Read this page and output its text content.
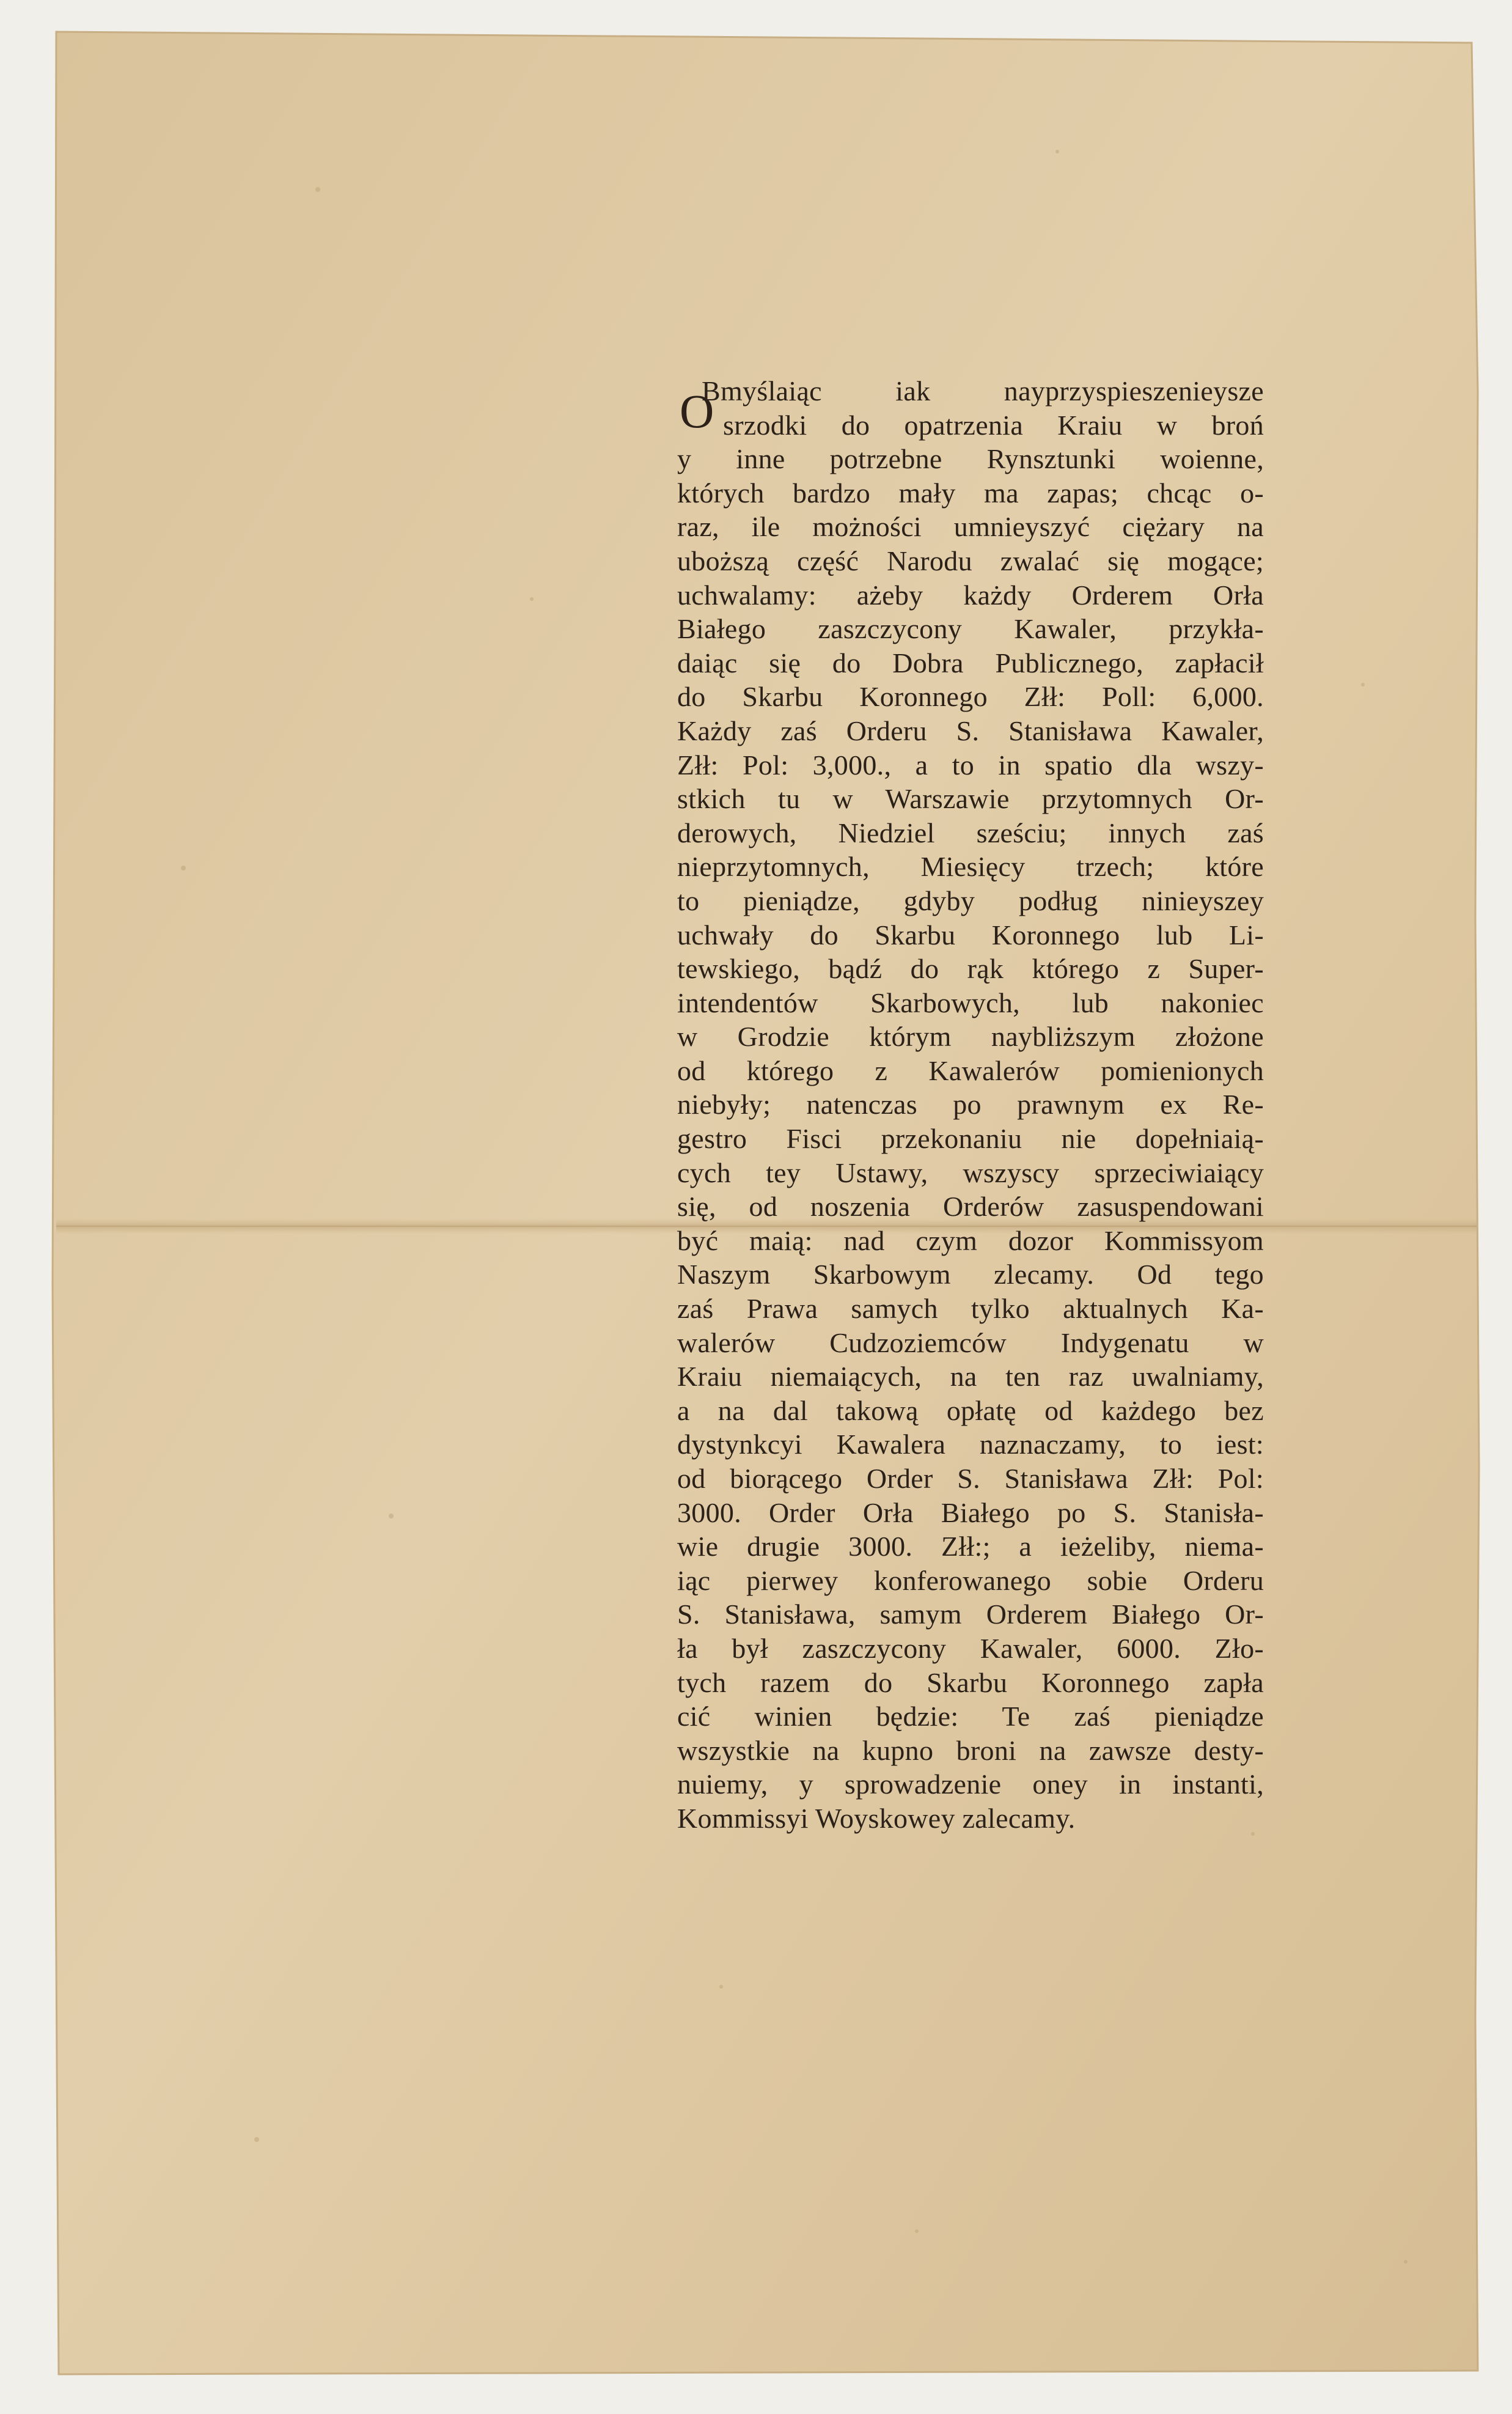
O
Bmyślaiąc iak nayprzyspieszenieysze
srzodki do opatrzenia Kraiu w broń
y inne potrzebne Rynsztunki woienne,
których bardzo mały ma zapas; chcąc o-
raz, ile możności umnieyszyć ciężary na
uboższą część Narodu zwalać się mogące;
uchwalamy: ażeby każdy Orderem Orła
Białego zaszczycony Kawaler, przykła-
daiąc się do Dobra Publicznego, zapłacił
do Skarbu Koronnego Złł: Poll: 6,000.
Każdy zaś Orderu S. Stanisława Kawaler,
Złł: Pol: 3,000., a to in spatio dla wszy-
stkich tu w Warszawie przytomnych Or-
derowych, Niedziel sześciu; innych zaś
nieprzytomnych, Miesięcy trzech; które
to pieniądze, gdyby podług ninieyszey
uchwały do Skarbu Koronnego lub Li-
tewskiego, bądź do rąk którego z Super-
intendentów Skarbowych, lub nakoniec
w Grodzie którym naybliższym złożone
od którego z Kawalerów pomienionych
niebyły; natenczas po prawnym ex Re-
gestro Fisci przekonaniu nie dopełniaią-
cych tey Ustawy, wszyscy sprzeciwiaiący
się, od noszenia Orderów zasuspendowani
być maią: nad czym dozor Kommissyom
Naszym Skarbowym zlecamy. Od tego
zaś Prawa samych tylko aktualnych Ka-
walerów Cudzoziemców Indygenatu w
Kraiu niemaiących, na ten raz uwalniamy,
a na dal takową opłatę od każdego bez
dystynkcyi Kawalera naznaczamy, to iest:
od biorącego Order S. Stanisława Złł: Pol:
3000. Order Orła Białego po S. Stanisła-
wie drugie 3000. Złł:; a ieżeliby, niema-
iąc pierwey konferowanego sobie Orderu
S. Stanisława, samym Orderem Białego Or-
ła był zaszczycony Kawaler, 6000. Zło-
tych razem do Skarbu Koronnego zapła
cić winien będzie: Te zaś pieniądze
wszystkie na kupno broni na zawsze desty-
nuiemy, y sprowadzenie oney in instanti,
Kommissyi Woyskowey zalecamy.
